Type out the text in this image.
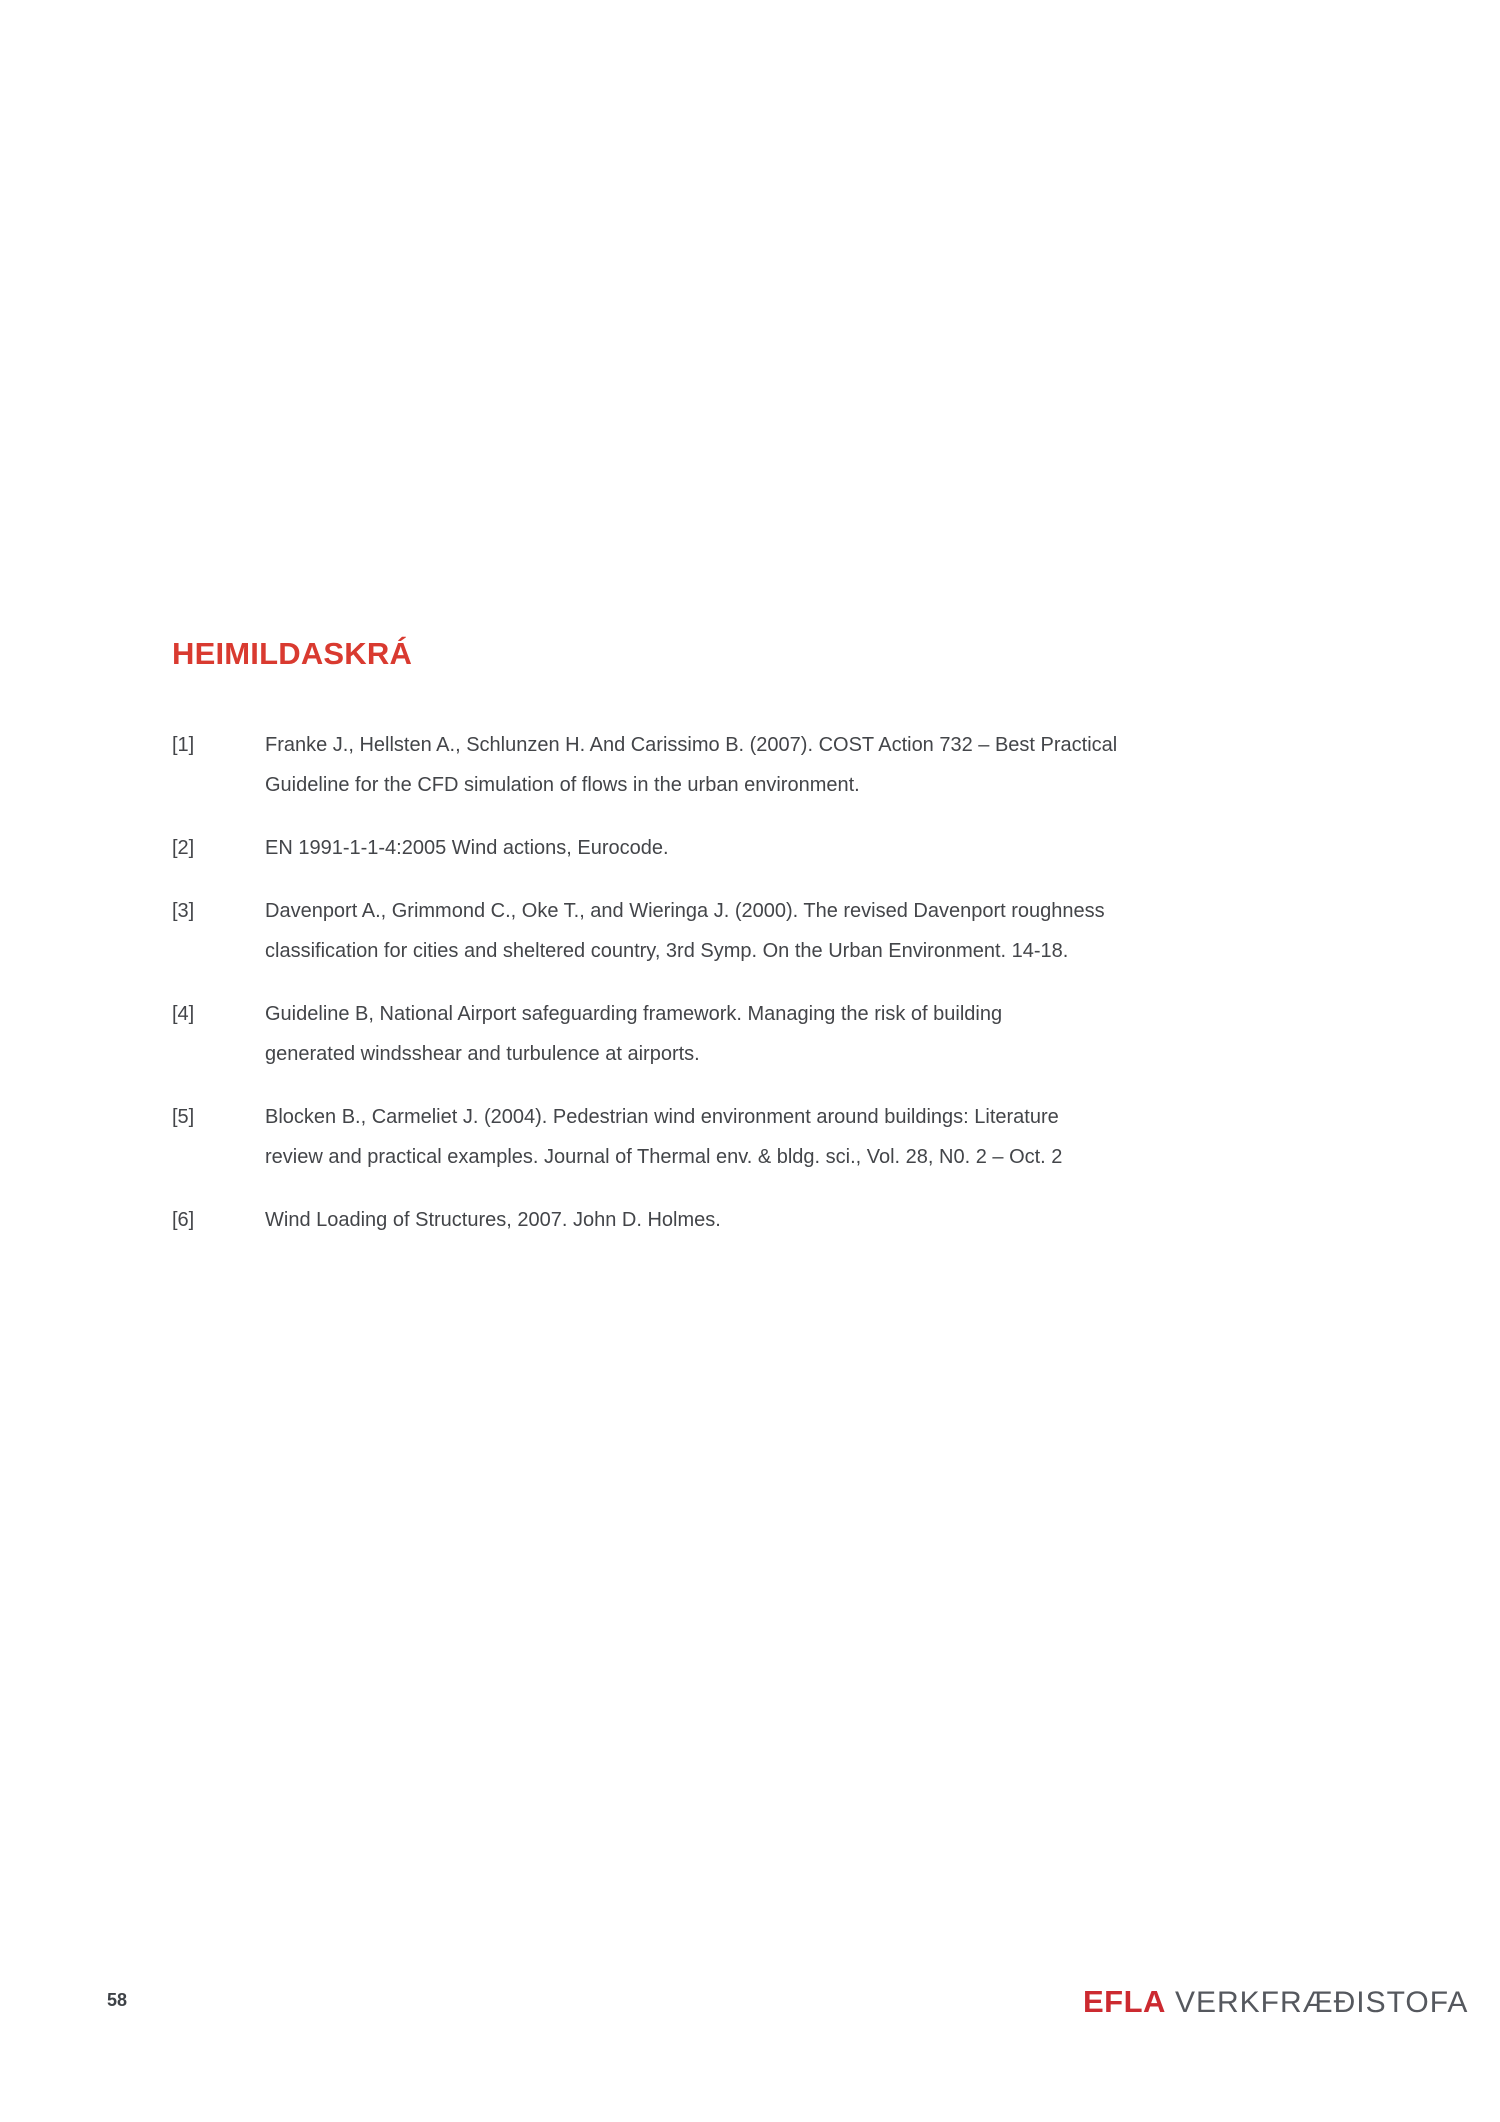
HEIMILDASKRÁ
[1]	Franke J., Hellsten A., Schlunzen H. And Carissimo B. (2007). COST Action 732 – Best Practical
Guideline for the CFD simulation of flows in the urban environment.
[2]	EN 1991-1-1-4:2005 Wind actions, Eurocode.
[3]	Davenport A., Grimmond C., Oke T., and Wieringa J. (2000). The revised Davenport roughness
classification for cities and sheltered country, 3rd Symp. On the Urban Environment. 14-18.
[4]	Guideline B, National Airport safeguarding framework. Managing the risk of building
generated windsshear and turbulence at airports.
[5]	Blocken B., Carmeliet J. (2004). Pedestrian wind environment around buildings: Literature
review and practical examples. Journal of Thermal env. & bldg. sci., Vol. 28, N0. 2 – Oct. 2
[6]	Wind Loading of Structures, 2007. John D. Holmes.
58	EFLA VERKFRÆÐISTOFA
